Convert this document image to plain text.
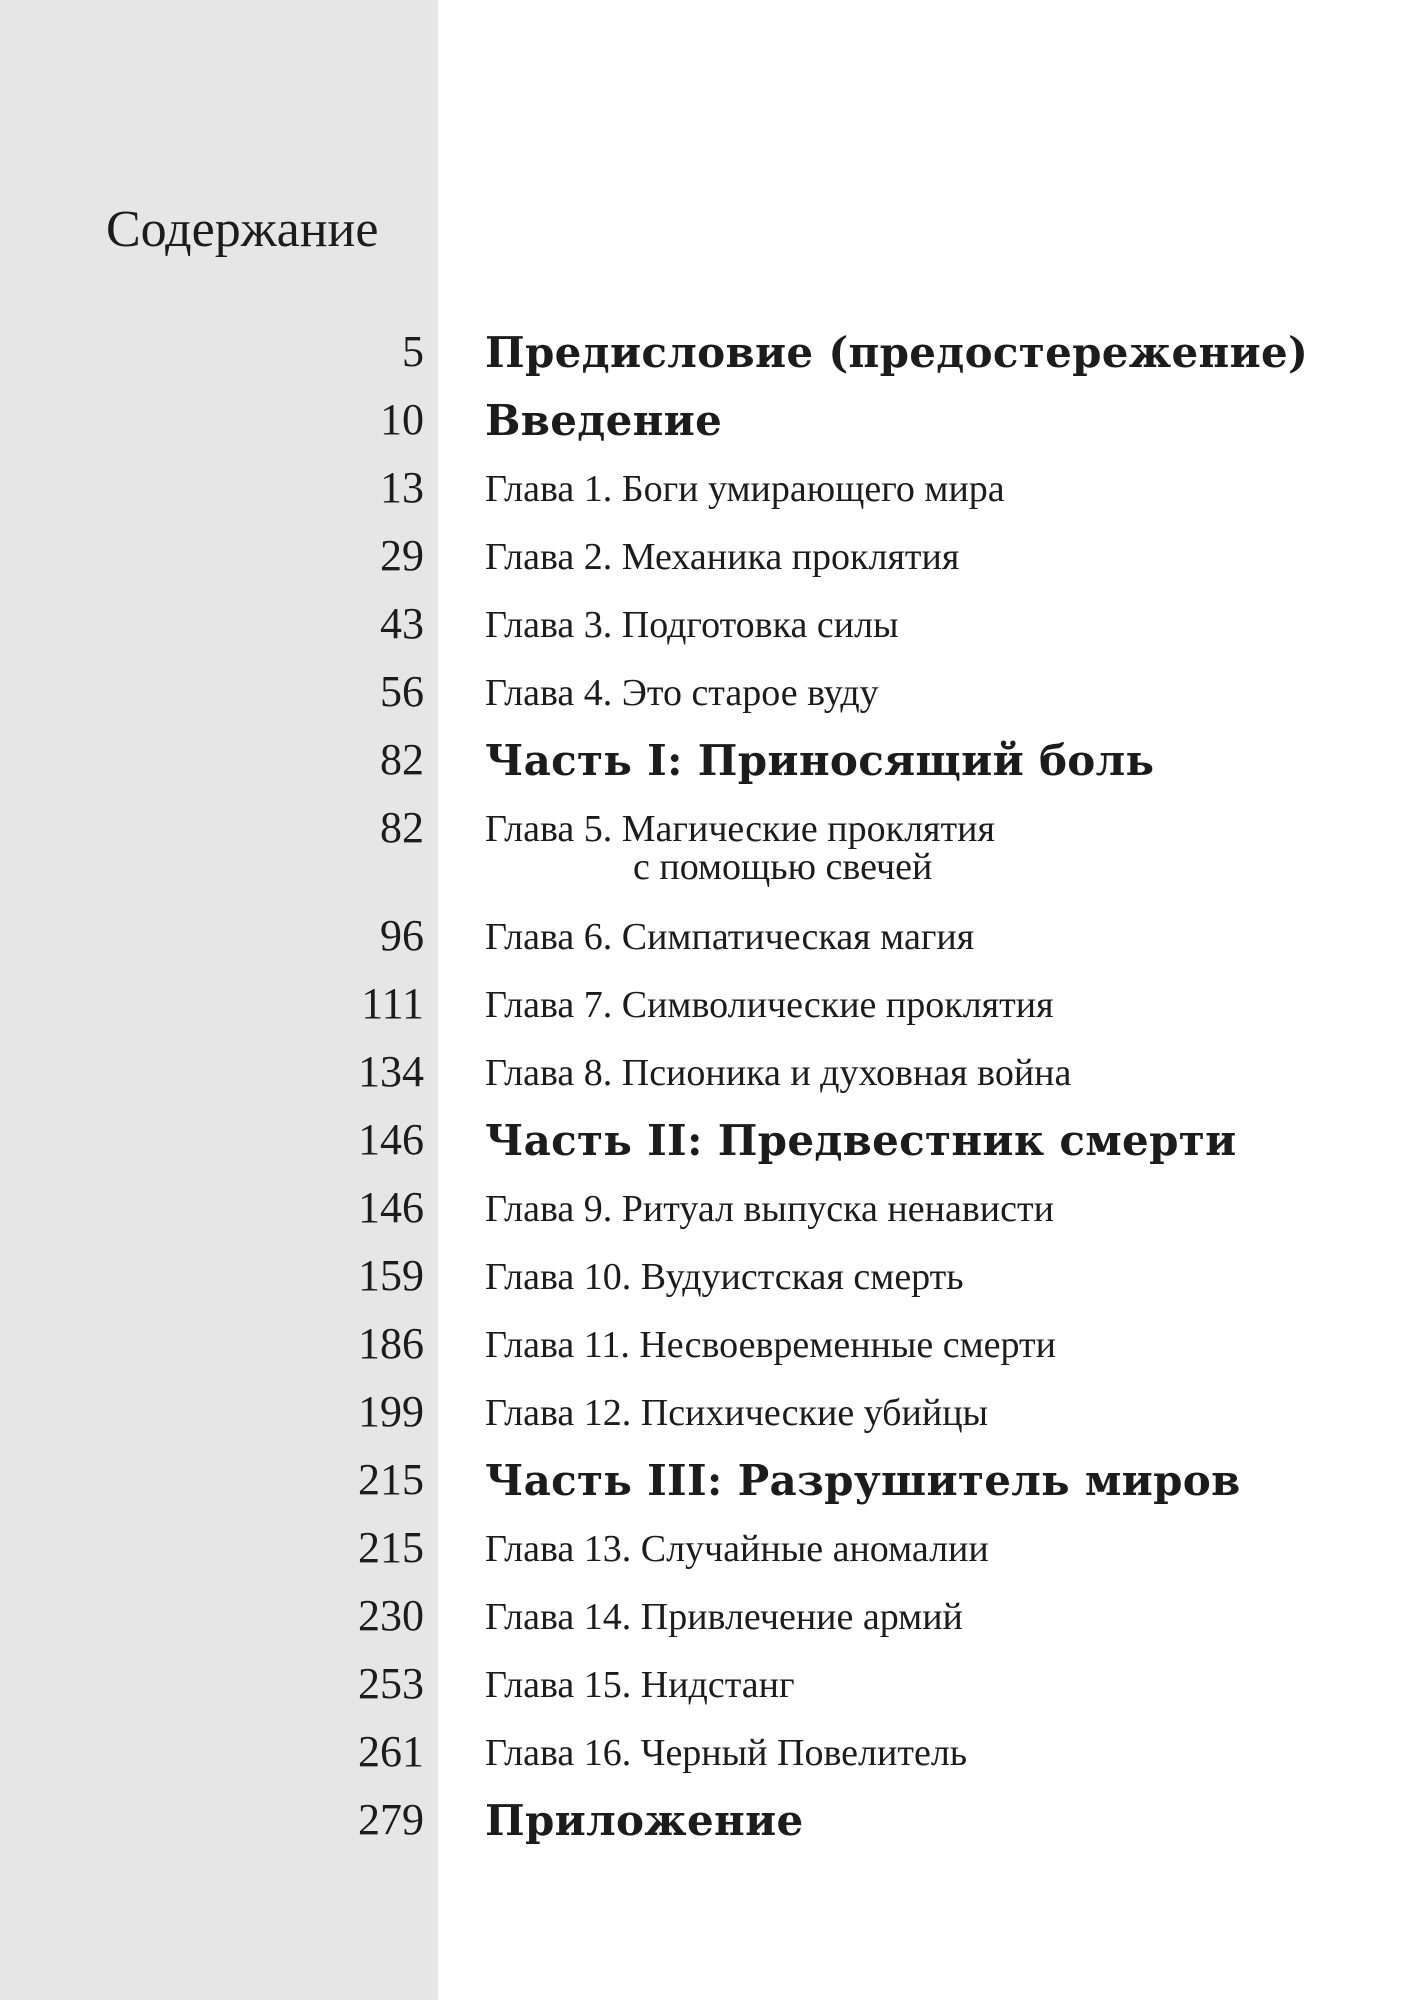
Содержание
5 Предисловие (предостережение)
10 Введение
13 Глава 1. Боги умирающего мира
29 Глава 2. Механика проклятия
43 Глава 3. Подготовка силы
56 Глава 4. Это старое вуду
82 Часть I: Приносящий боль
82 Глава 5. Магические проклятия
с помощью свечей
96 Глава 6. Симпатическая магия
111 Глава 7. Символические проклятия
134 Глава 8. Псионика и духовная война
146 Часть II: Предвестник смерти
146 Глава 9. Ритуал выпуска ненависти
159 Глава 10. Вудуистская смерть
186 Глава 11. Несвоевременные смерти
199 Глава 12. Психические убийцы
215 Часть III: Разрушитель миров
215 Глава 13. Случайные аномалии
230 Глава 14. Привлечение армий
253 Глава 15. Нидстанг
261 Глава 16. Черный Повелитель
279 Приложение
